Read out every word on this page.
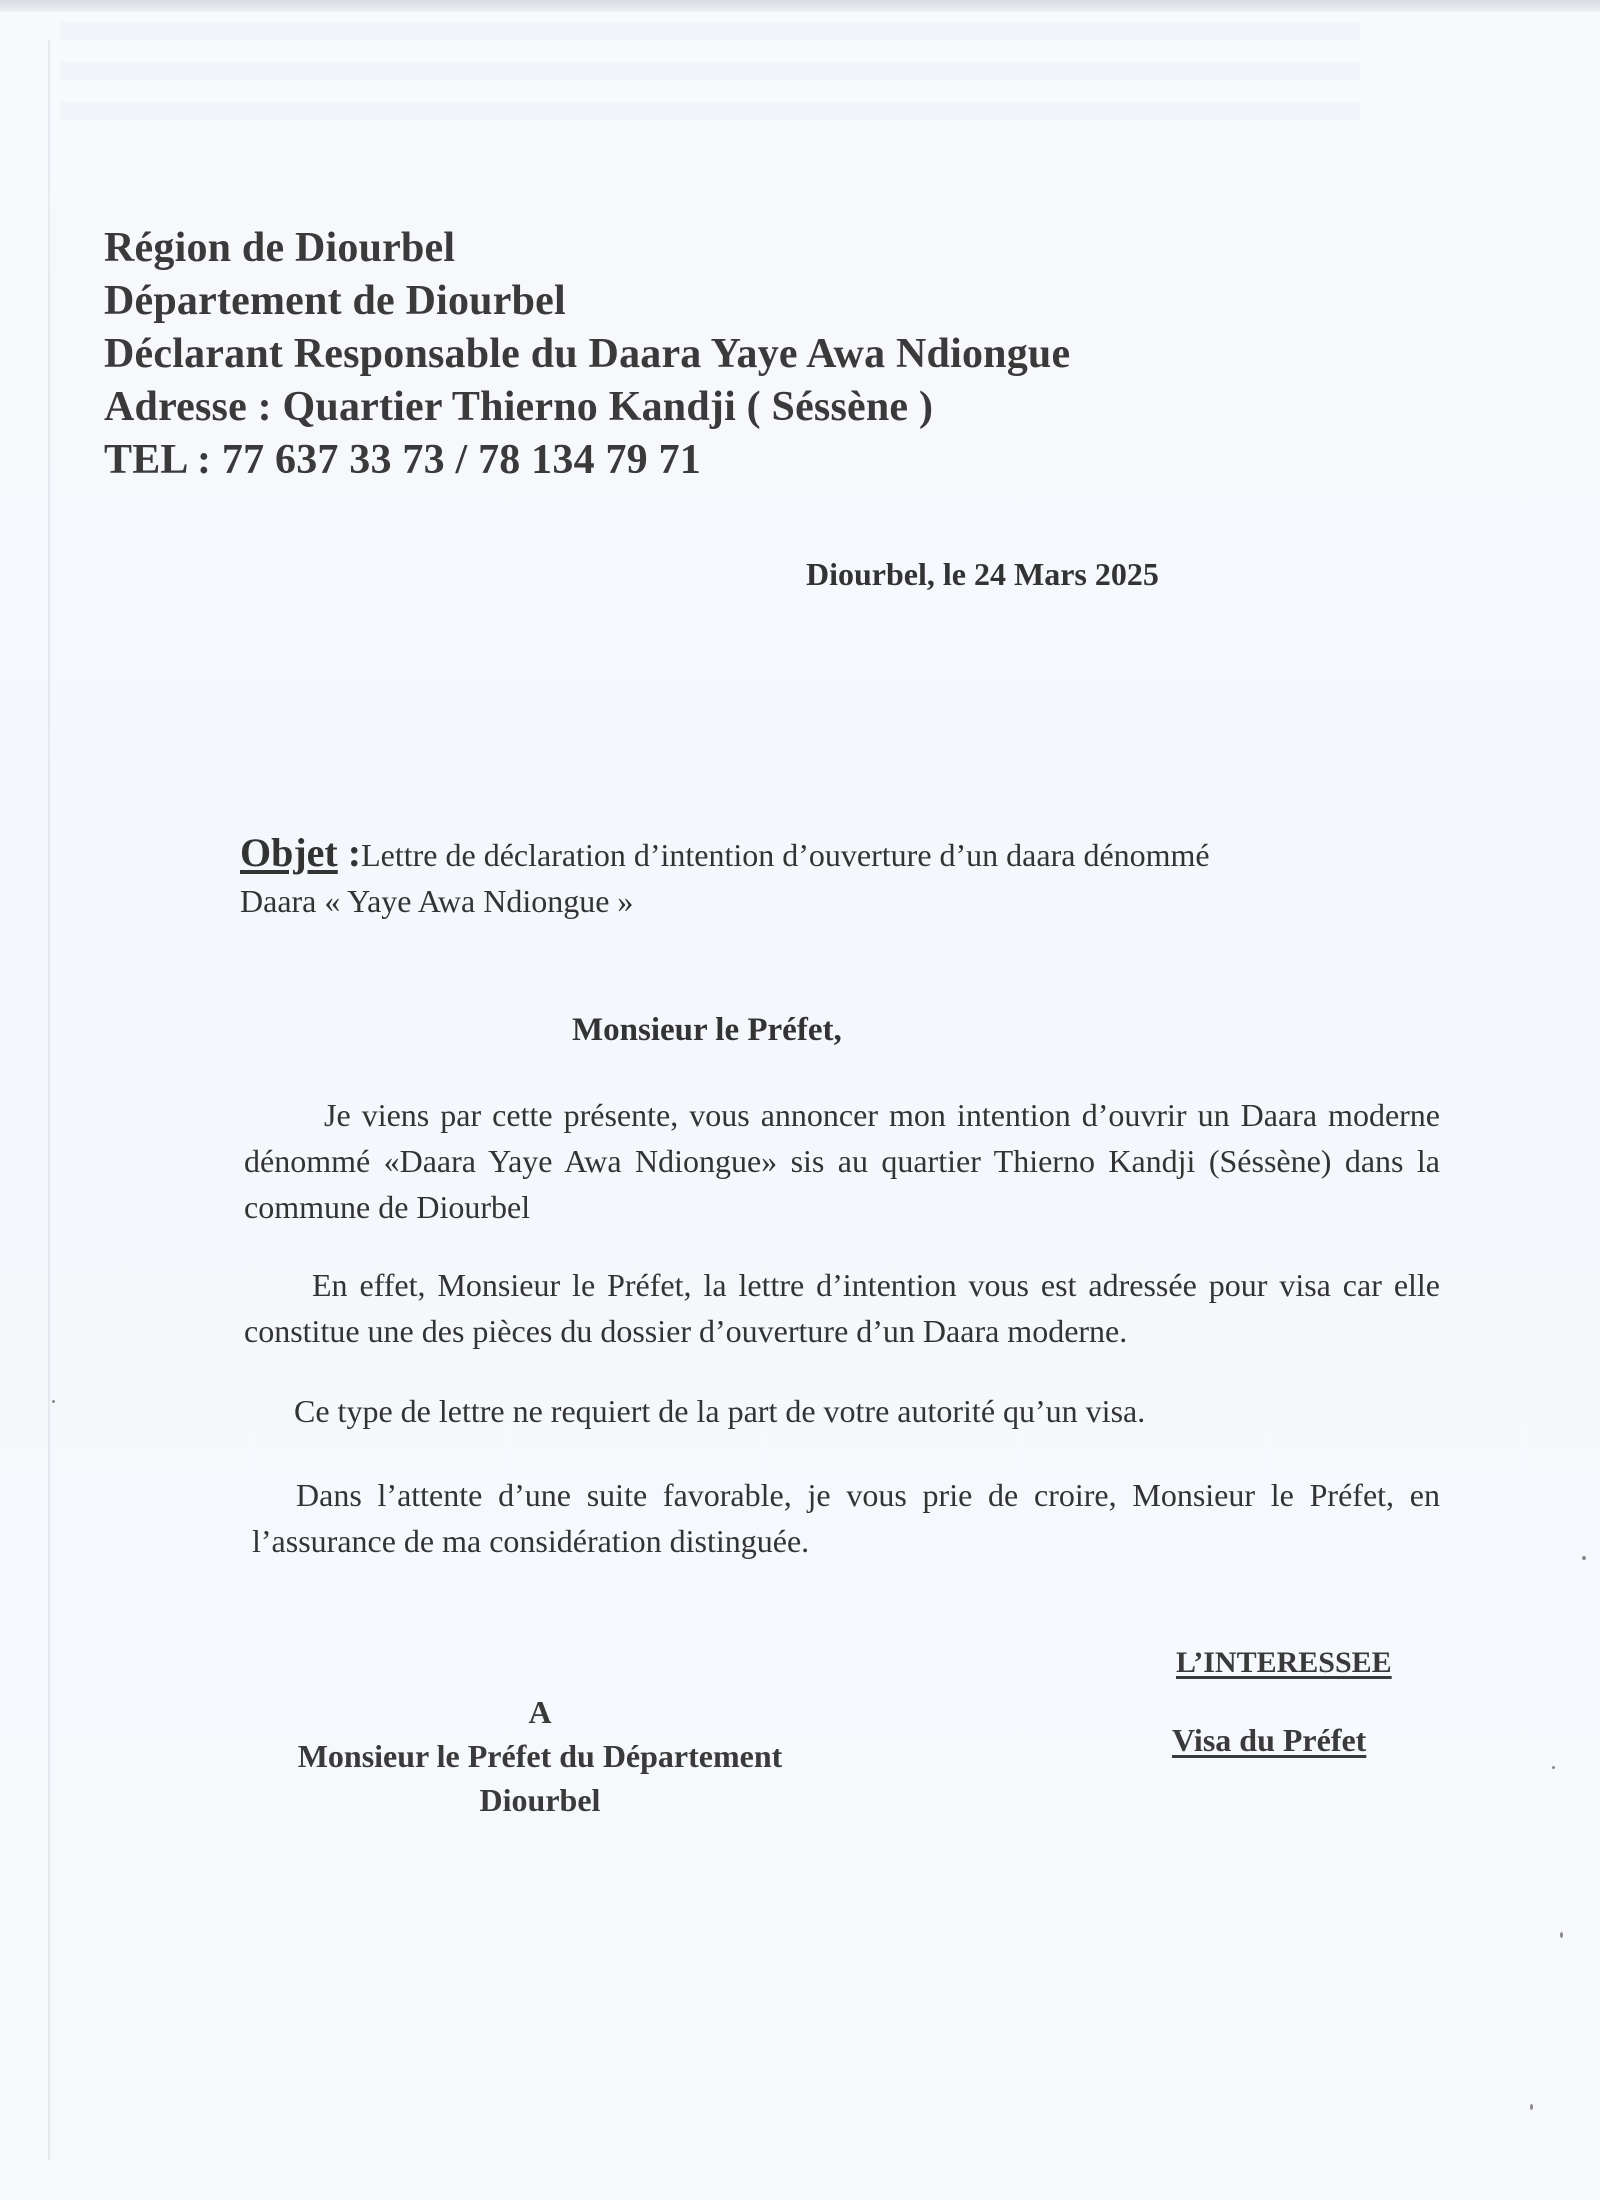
Région de Diourbel
Département de Diourbel
Déclarant Responsable du Daara Yaye Awa Ndiongue
Adresse : Quartier Thierno Kandji ( Séssène )
TEL : 77 637 33 73 / 78 134 79 71
Diourbel, le 24 Mars 2025
Objet :Lettre de déclaration d’intention d’ouverture d’un daara dénommé
Daara « Yaye Awa Ndiongue »
Monsieur le Préfet,
Je viens par cette présente, vous annoncer mon intention d’ouvrir un Daara moderne dénommé «Daara Yaye Awa Ndiongue» sis au quartier Thierno Kandji (Séssène) dans la commune de Diourbel
En effet, Monsieur le Préfet, la lettre d’intention vous est adressée pour visa car elle constitue une des pièces du dossier d’ouverture d’un Daara moderne.
Ce type de lettre ne requiert de la part de votre autorité qu’un visa.
Dans l’attente d’une suite favorable, je vous prie de croire, Monsieur le Préfet, en l’assurance de ma considération distinguée.
A
Monsieur le Préfet du Département
Diourbel
L’INTERESSEE
Visa du Préfet
